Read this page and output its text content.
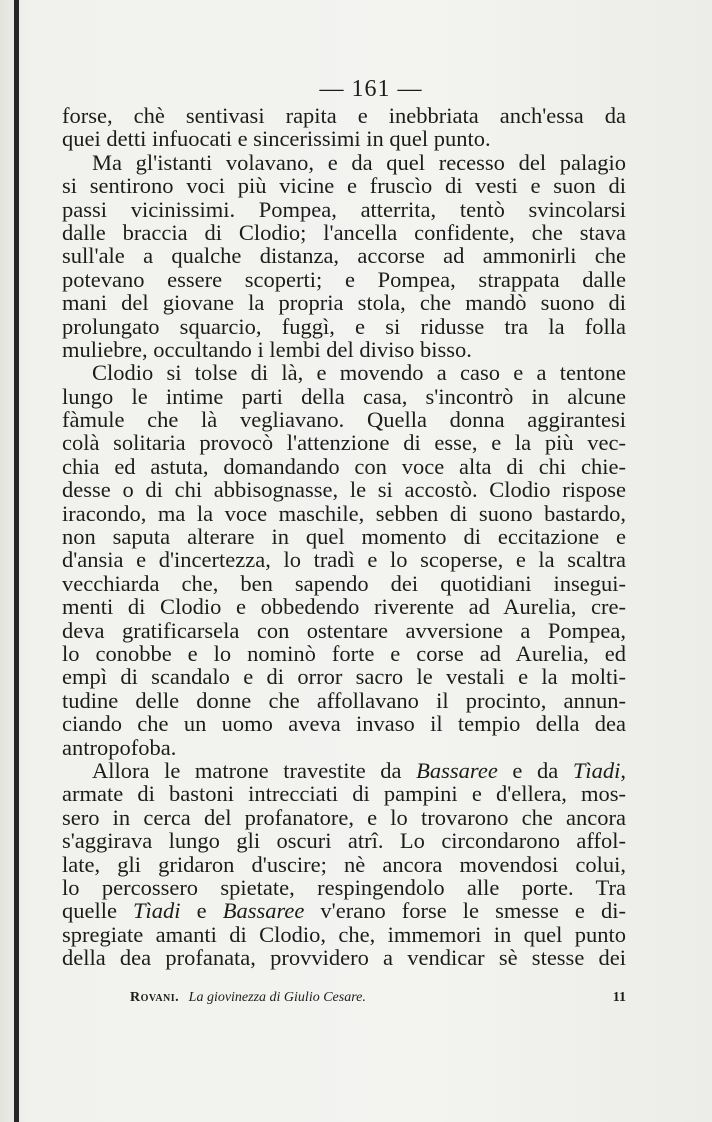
— 161 —

forse, chè sentivasi rapita e inebbriata anch'essa da
quei detti infuocati e sincerissimi in quel punto.
Ma gl'istanti volavano, e da quel recesso del palagio
si sentirono voci più vicine e fruscìo di vesti e suon di
passi vicinissimi. Pompea, atterrita, tentò svincolarsi
dalle braccia di Clodio; l'ancella confidente, che stava
sull'ale a qualche distanza, accorse ad ammonirli che
potevano essere scoperti; e Pompea, strappata dalle
mani del giovane la propria stola, che mandò suono di
prolungato squarcio, fuggì, e si ridusse tra la folla
muliebre, occultando i lembi del diviso bisso.
Clodio si tolse di là, e movendo a caso e a tentone
lungo le intime parti della casa, s'incontrò in alcune
fàmule che là vegliavano. Quella donna aggirantesi
colà solitaria provocò l'attenzione di esse, e la più vec-
chia ed astuta, domandando con voce alta di chi chie-
desse o di chi abbisognasse, le si accostò. Clodio rispose
iracondo, ma la voce maschile, sebben di suono bastardo,
non saputa alterare in quel momento di eccitazione e
d'ansia e d'incertezza, lo tradì e lo scoperse, e la scaltra
vecchiarda che, ben sapendo dei quotidiani insegui-
menti di Clodio e obbedendo riverente ad Aurelia, cre-
deva gratificarsela con ostentare avversione a Pompea,
lo conobbe e lo nominò forte e corse ad Aurelia, ed
empì di scandalo e di orror sacro le vestali e la molti-
tudine delle donne che affollavano il procinto, annun-
ciando che un uomo aveva invaso il tempio della dea
antropofoba.
Allora le matrone travestite da Bassaree e da Tìadi,
armate di bastoni intrecciati di pampini e d'ellera, mos-
sero in cerca del profanatore, e lo trovarono che ancora
s'aggirava lungo gli oscuri atrî. Lo circondarono affol-
late, gli gridaron d'uscire; nè ancora movendosi colui,
lo percossero spietate, respingendolo alle porte. Tra
quelle Tìadi e Bassaree v'erano forse le smesse e di-
spregiate amanti di Clodio, che, immemori in quel punto
della dea profanata, provvidero a vendicar sè stesse dei
Rovani. La giovinezza di Giulio Cesare.	11
